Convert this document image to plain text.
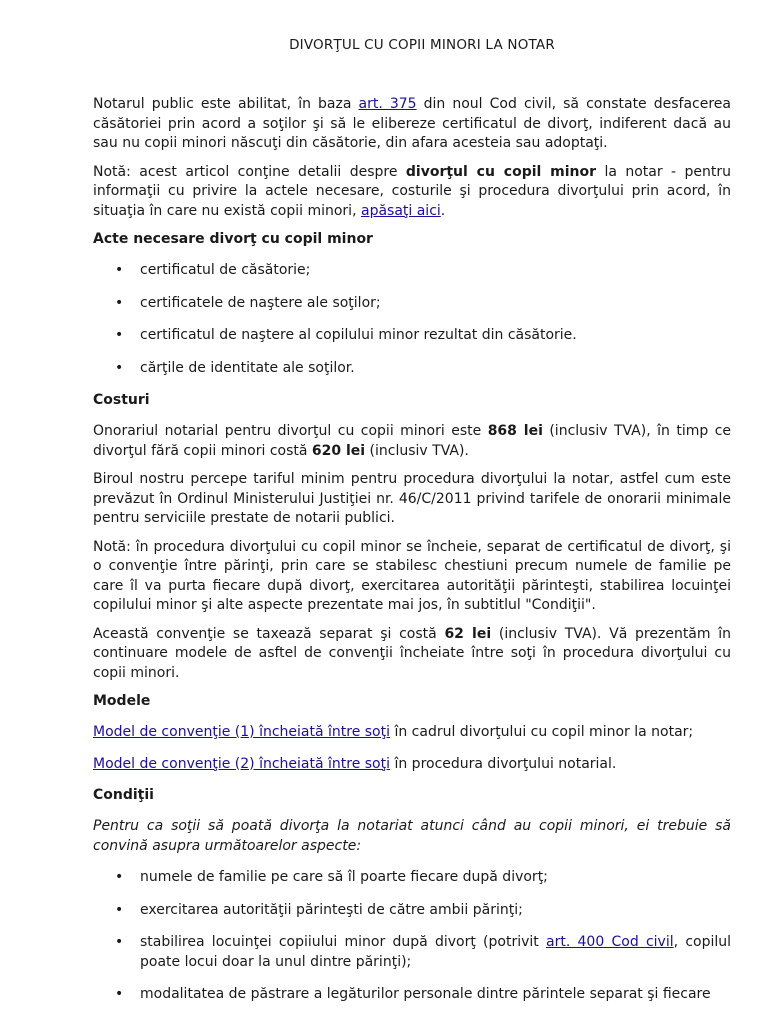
DIVORŢUL CU COPII MINORI LA NOTAR

Notarul public este abilitat, în baza art. 375 din noul Cod civil, să constate desfacerea căsătoriei prin acord a soţilor şi să le elibereze certificatul de divorţ, indiferent dacă au sau nu copii minori născuţi din căsătorie, din afara acesteia sau adoptaţi.

Notă: acest articol conţine detalii despre divorţul cu copil minor la notar - pentru informaţii cu privire la actele necesare, costurile şi procedura divorţului prin acord, în situaţia în care nu există copii minori, apăsaţi aici.

Acte necesare divorţ cu copil minor
• certificatul de căsătorie;
• certificatele de naştere ale soţilor;
• certificatul de naştere al copilului minor rezultat din căsătorie.
• cărţile de identitate ale soţilor.
Costuri

Onorariul notarial pentru divorţul cu copii minori este 868 lei (inclusiv TVA), în timp ce divorţul fără copii minori costă 620 lei (inclusiv TVA).

Biroul nostru percepe tariful minim pentru procedura divorţului la notar, astfel cum este prevăzut în Ordinul Ministerului Justiţiei nr. 46/C/2011 privind tarifele de onorarii minimale pentru serviciile prestate de notarii publici.

Notă: în procedura divorţului cu copil minor se încheie, separat de certificatul de divorţ, şi o convenţie între părinţi, prin care se stabilesc chestiuni precum numele de familie pe care îl va purta fiecare după divorţ, exercitarea autorităţii părinteşti, stabilirea locuinţei copilului minor şi alte aspecte prezentate mai jos, în subtitlul "Condiţii".

Această convenţie se taxează separat şi costă 62 lei (inclusiv TVA). Vă prezentăm în continuare modele de asftel de convenţii încheiate între soţi în procedura divorţului cu copii minori.

Modele

Model de convenţie (1) încheiată între soţi în cadrul divorţului cu copil minor la notar;

Model de convenţie (2) încheiată între soţi în procedura divorţului notarial.

Condiţii

Pentru ca soţii să poată divorţa la notariat atunci când au copii minori, ei trebuie să convină asupra următoarelor aspecte:

• numele de familie pe care să îl poarte fiecare după divorţ;
• exercitarea autorităţii părinteşti de către ambii părinţi;
• stabilirea locuinţei copiiului minor după divorţ (potrivit art. 400 Cod civil, copilul poate locui doar la unul dintre părinţi);
• modalitatea de păstrare a legăturilor personale dintre părintele separat şi fiecare
